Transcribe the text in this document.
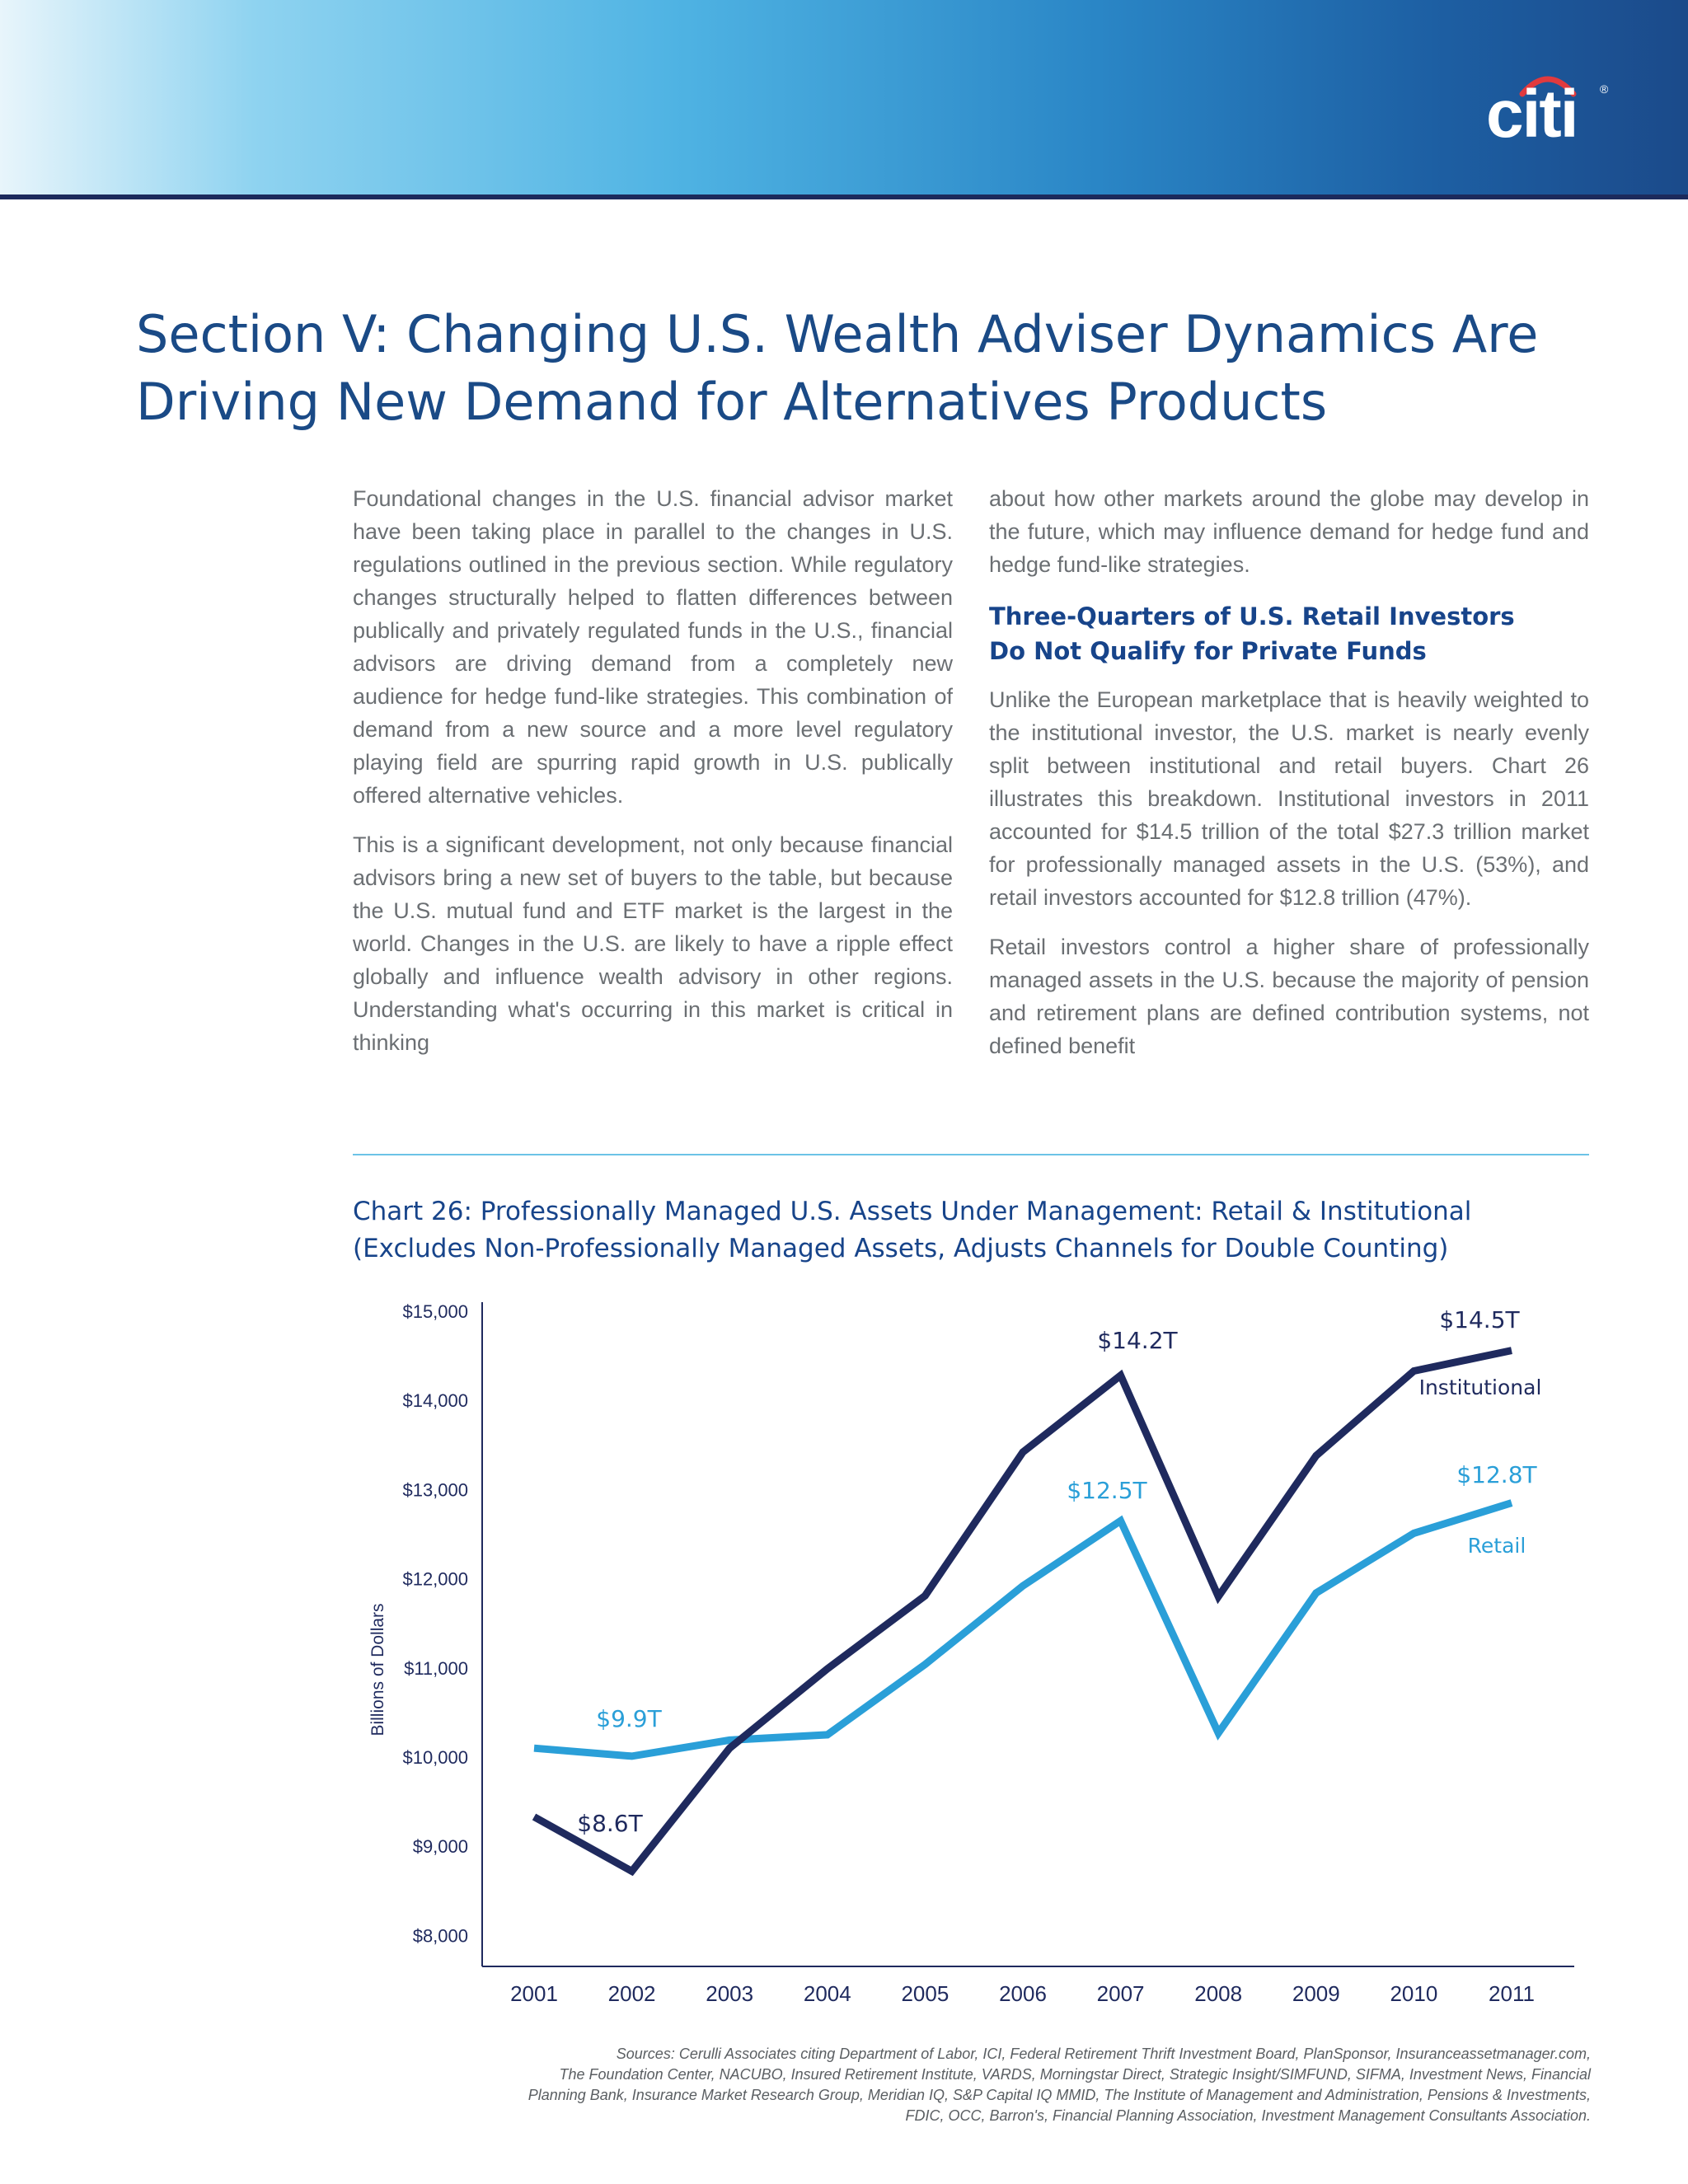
citi ®
Section V: Changing U.S. Wealth Adviser Dynamics Are
Driving New Demand for Alternatives Products

Foundational changes in the U.S. financial advisor market have been taking place in parallel to the changes in U.S. regulations outlined in the previous section. While regulatory changes structurally helped to flatten differences between publically and privately regulated funds in the U.S., financial advisors are driving demand from a completely new audience for hedge fund-like strategies. This combination of demand from a new source and a more level regulatory playing field are spurring rapid growth in U.S. publically offered alternative vehicles.

This is a significant development, not only because financial advisors bring a new set of buyers to the table, but because the U.S. mutual fund and ETF market is the largest in the world. Changes in the U.S. are likely to have a ripple effect globally and influence wealth advisory in other regions. Understanding what's occurring in this market is critical in thinking

about how other markets around the globe may develop in the future, which may influence demand for hedge fund and hedge fund-like strategies.

Three-Quarters of U.S. Retail Investors
Do Not Qualify for Private Funds

Unlike the European marketplace that is heavily weighted to the institutional investor, the U.S. market is nearly evenly split between institutional and retail buyers. Chart 26 illustrates this breakdown. Institutional investors in 2011 accounted for $14.5 trillion of the total $27.3 trillion market for professionally managed assets in the U.S. (53%), and retail investors accounted for $12.8 trillion (47%).

Retail investors control a higher share of professionally managed assets in the U.S. because the majority of pension and retirement plans are defined contribution systems, not defined benefit

Chart 26: Professionally Managed U.S. Assets Under Management: Retail & Institutional
(Excludes Non-Professionally Managed Assets, Adjusts Channels for Double Counting)
$8,000
$9,000
$10,000
$11,000
$12,000
$13,000
$14,000
$15,000
Billions of Dollars
2001 2002 2003 2004 2005 2006 2007 2008 2009 2010 2011
$8.6T
$14.2T
$14.5T
$9.9T
$12.5T
$12.8T
Institutional
Retail
Sources: Cerulli Associates citing Department of Labor, ICI, Federal Retirement Thrift Investment Board, PlanSponsor, Insuranceassetmanager.com,
The Foundation Center, NACUBO, Insured Retirement Institute, VARDS, Morningstar Direct, Strategic Insight/SIMFUND, SIFMA, Investment News, Financial
Planning Bank, Insurance Market Research Group, Meridian IQ, S&P Capital IQ MMID, The Institute of Management and Administration, Pensions & Investments,
FDIC, OCC, Barron's, Financial Planning Association, Investment Management Consultants Association.
